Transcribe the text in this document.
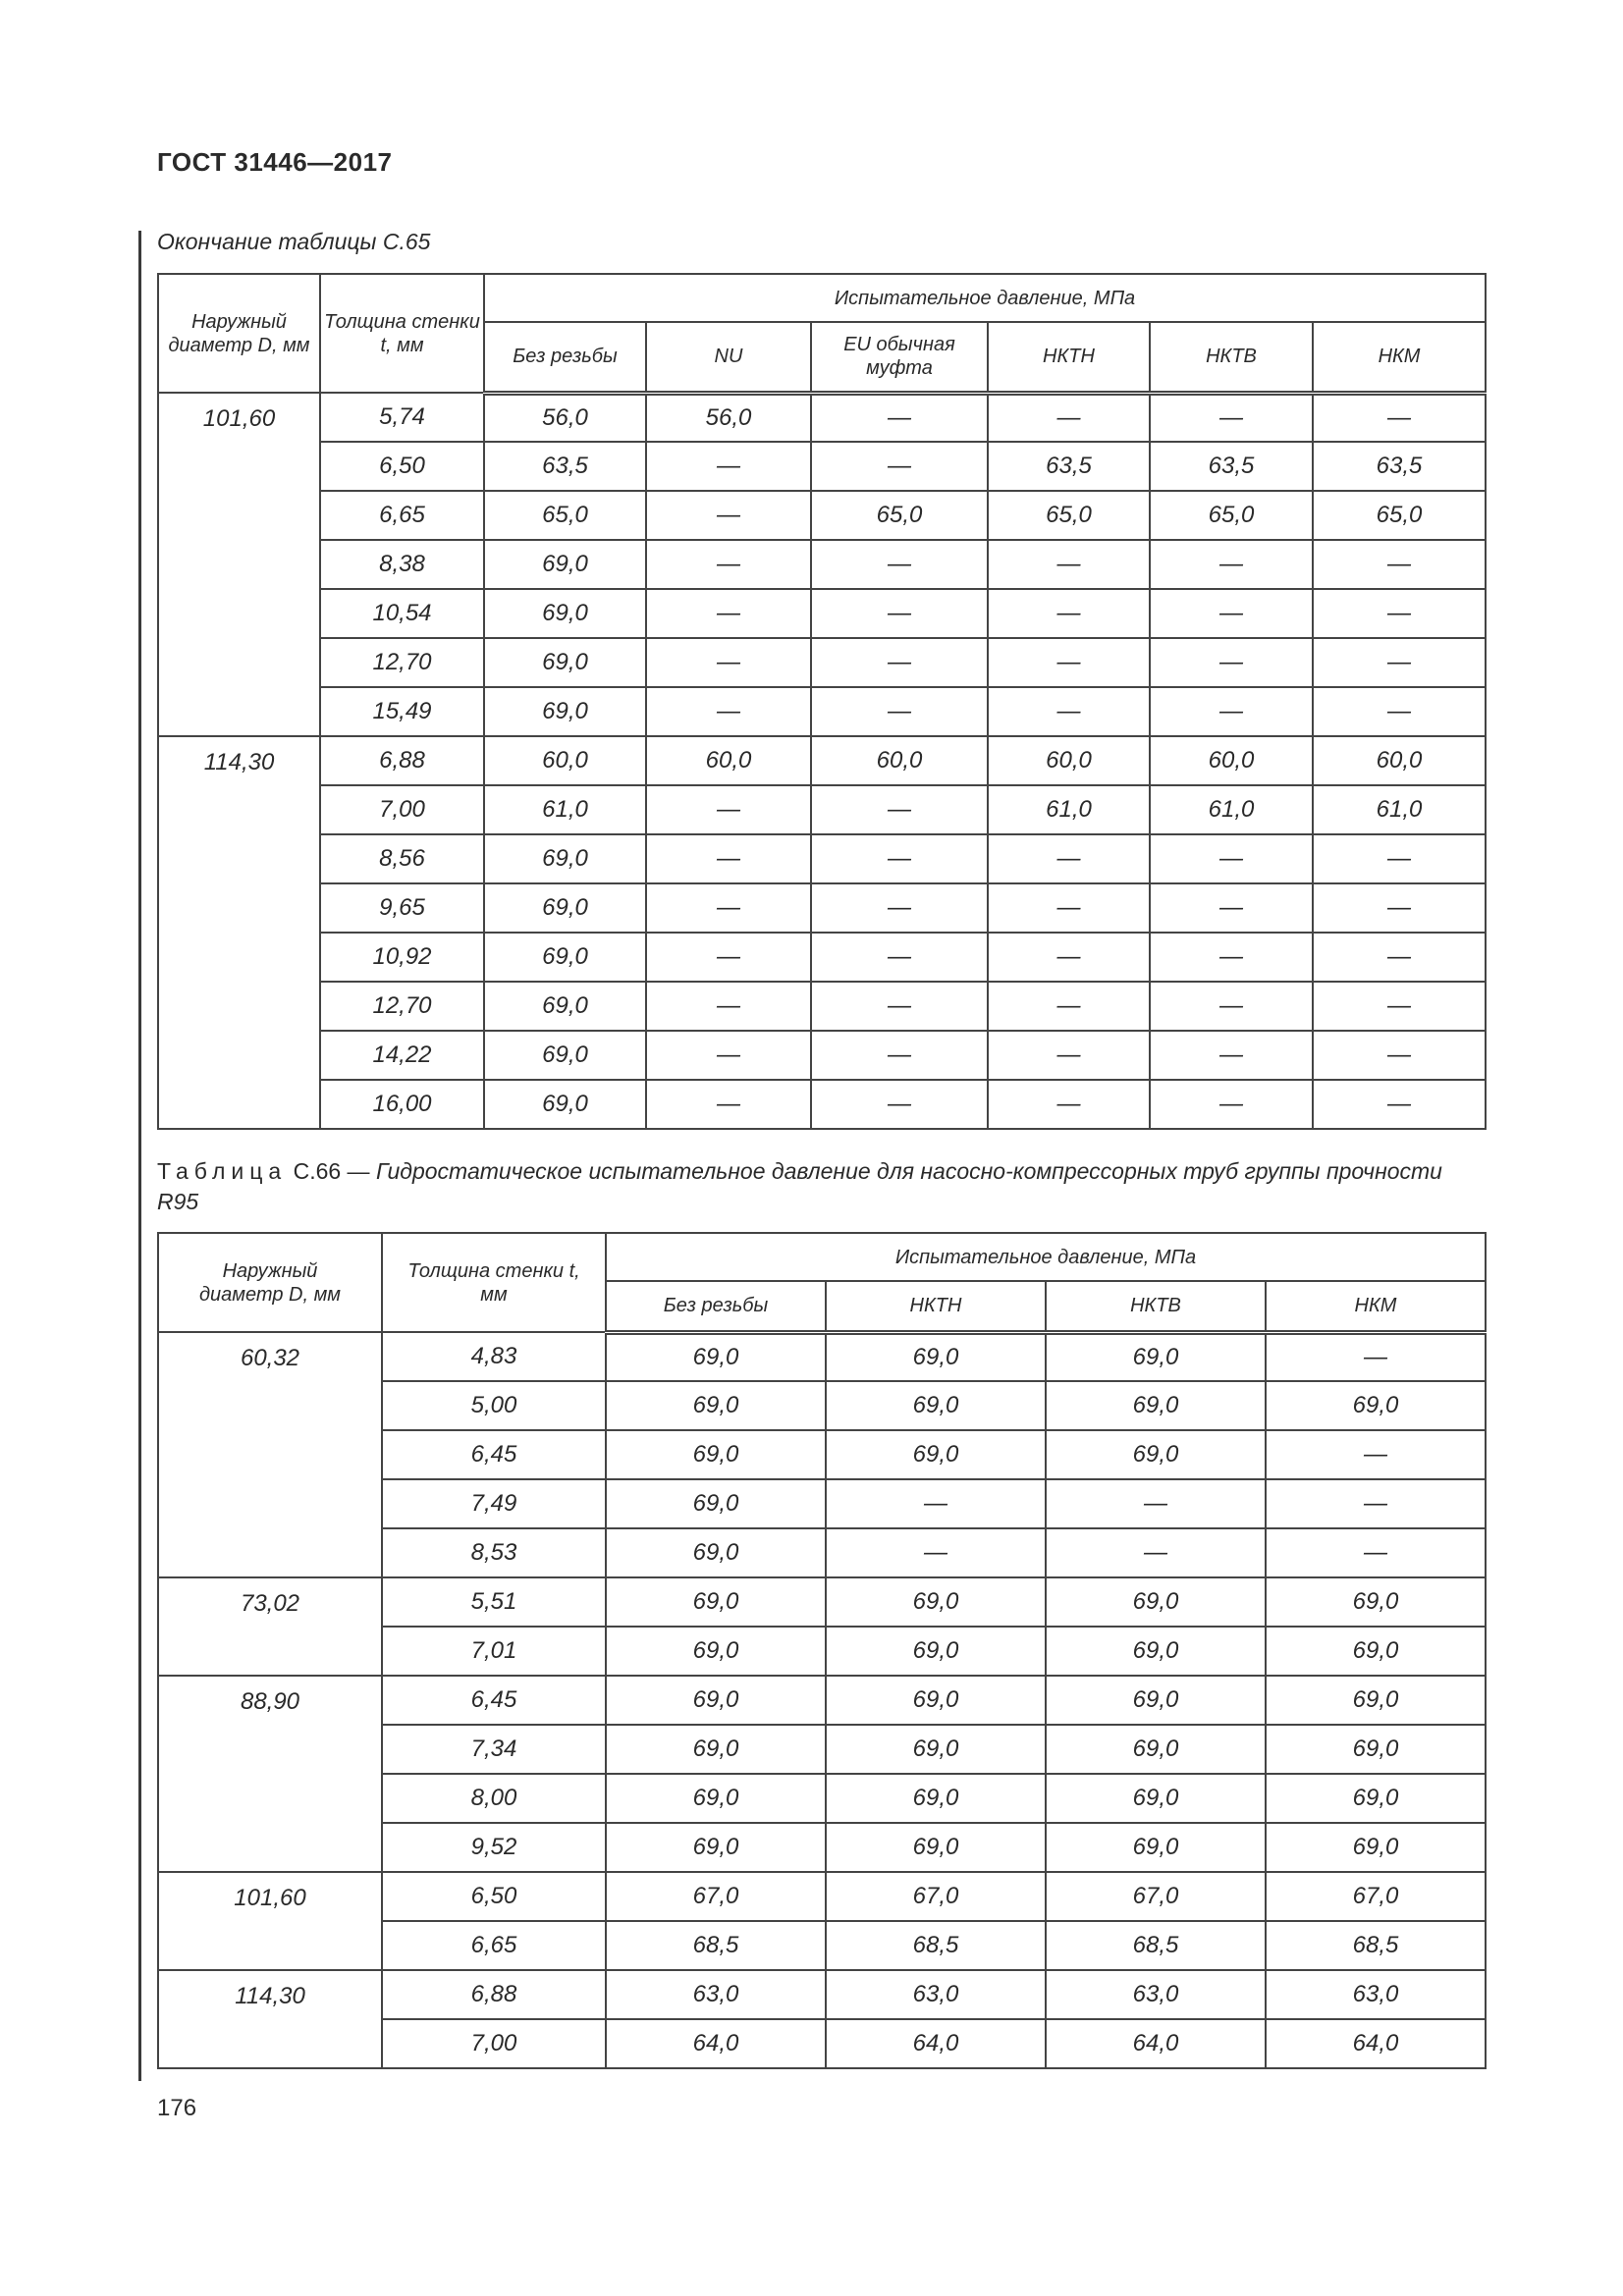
ГОСТ 31446—2017
Окончание таблицы С.65
Наружный диаметр D, мм	Толщина стенки t, мм	Испытательное давление, МПа					
		Без резьбы	NU	EU обычная муфта	НКТН	НКТВ	НКМ
101,60	5,74	56,0	56,0	—	—	—	—
	6,50	63,5	—	—	63,5	63,5	63,5
	6,65	65,0	—	65,0	65,0	65,0	65,0
	8,38	69,0	—	—	—	—	—
	10,54	69,0	—	—	—	—	—
	12,70	69,0	—	—	—	—	—
	15,49	69,0	—	—	—	—	—
114,30	6,88	60,0	60,0	60,0	60,0	60,0	60,0
	7,00	61,0	—	—	61,0	61,0	61,0
	8,56	69,0	—	—	—	—	—
	9,65	69,0	—	—	—	—	—
	10,92	69,0	—	—	—	—	—
	12,70	69,0	—	—	—	—	—
	14,22	69,0	—	—	—	—	—
	16,00	69,0	—	—	—	—	—
Таблица С.66 — Гидростатическое испытательное давление для насосно-компрессорных труб группы прочности R95
Наружный диаметр D, мм	Толщина стенки t, мм	Испытательное давление, МПа			
		Без резьбы	НКТН	НКТВ	НКМ
60,32	4,83	69,0	69,0	69,0	—
	5,00	69,0	69,0	69,0	69,0
	6,45	69,0	69,0	69,0	—
	7,49	69,0	—	—	—
	8,53	69,0	—	—	—
73,02	5,51	69,0	69,0	69,0	69,0
	7,01	69,0	69,0	69,0	69,0
88,90	6,45	69,0	69,0	69,0	69,0
	7,34	69,0	69,0	69,0	69,0
	8,00	69,0	69,0	69,0	69,0
	9,52	69,0	69,0	69,0	69,0
101,60	6,50	67,0	67,0	67,0	67,0
	6,65	68,5	68,5	68,5	68,5
114,30	6,88	63,0	63,0	63,0	63,0
	7,00	64,0	64,0	64,0	64,0
176
